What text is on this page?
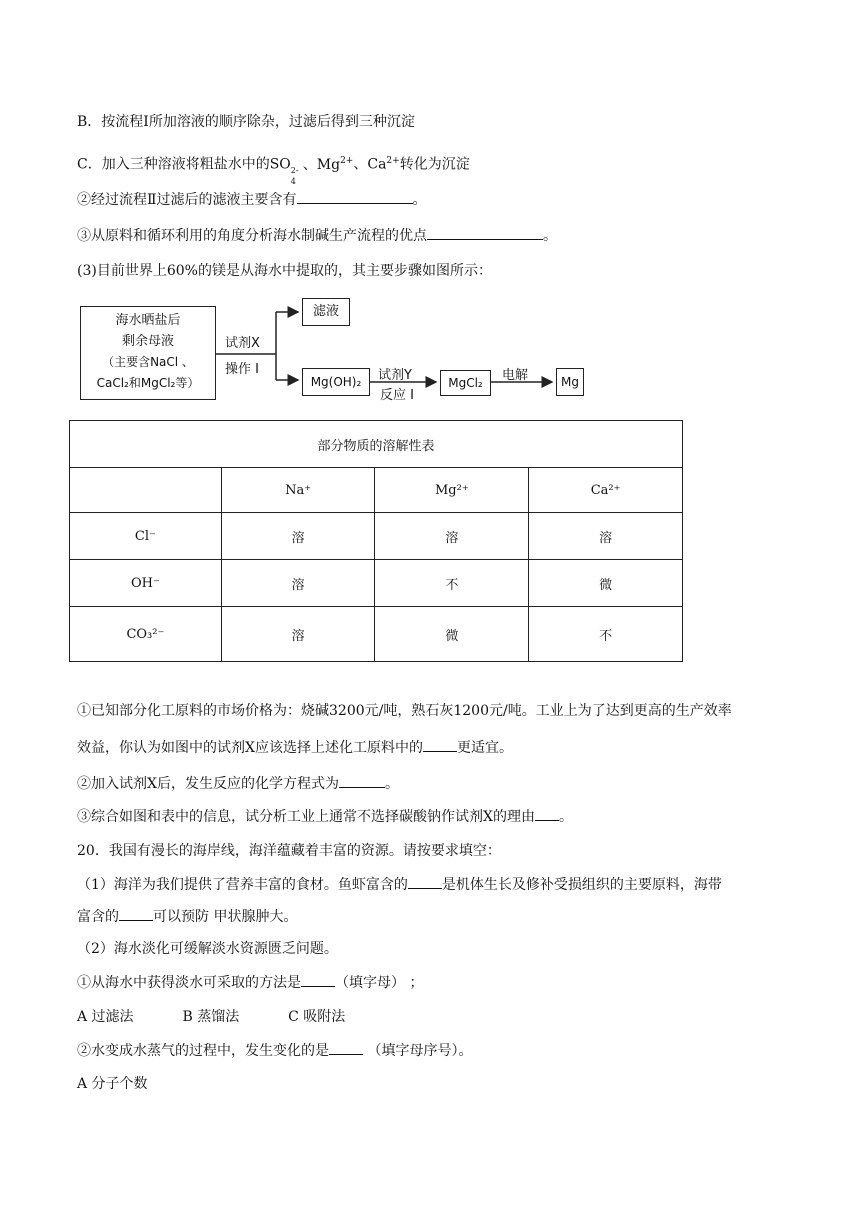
B．按流程Ⅰ所加溶液的顺序除杂，过滤后得到三种沉淀
C．加入三种溶液将粗盐水中的SO 2-
4
、$Mg^{2+}$、$Ca^{2+}$转化为沉淀
②经过流程Ⅱ过滤后的滤液主要含有	。
③从原料和循环利用的角度分析海水制碱生产流程的优点	。
(3)目前世界上60%的镁是从海水中提取的，其主要步骤如图所示：
海水晒盐后
剩余母液
（主要含NaCl 、
CaCl₂和MgCl₂等）
试剂X
操作 I
滤液
Mg(OH)₂	试剂Y
反应 I
MgCl₂	电解	Mg
部分物质的溶解性表			
	Na⁺	Mg²⁺	Ca²⁺
Cl⁻	溶	溶	溶
OH⁻	溶	不	微
CO₃²⁻	溶	微	不
①已知部分化工原料的市场价格为：烧碱3200元/吨，熟石灰1200元/吨。工业上为了达到更高的生产效率
效益，你认为如图中的试剂X应该选择上述化工原料中的 更适宜。
②加入试剂X后，发生反应的化学方程式为	。
③综合如图和表中的信息，试分析工业上通常不选择碳酸钠作试剂X的理由 。
20．我国有漫长的海岸线，海洋蕴藏着丰富的资源。请按要求填空：
（1）海洋为我们提供了营养丰富的食材。鱼虾富含的 是机体生长及修补受损组织的主要原料，海带
富含的 可以预防 甲状腺肿大。
（2）海水淡化可缓解淡水资源匮乏问题。
①从海水中获得淡水可采取的方法是 （填字母） ；
A 过滤法	B 蒸馏法	C 吸附法
②水变成水蒸气的过程中，发生变化的是 （填字母序号）。
A 分子个数
